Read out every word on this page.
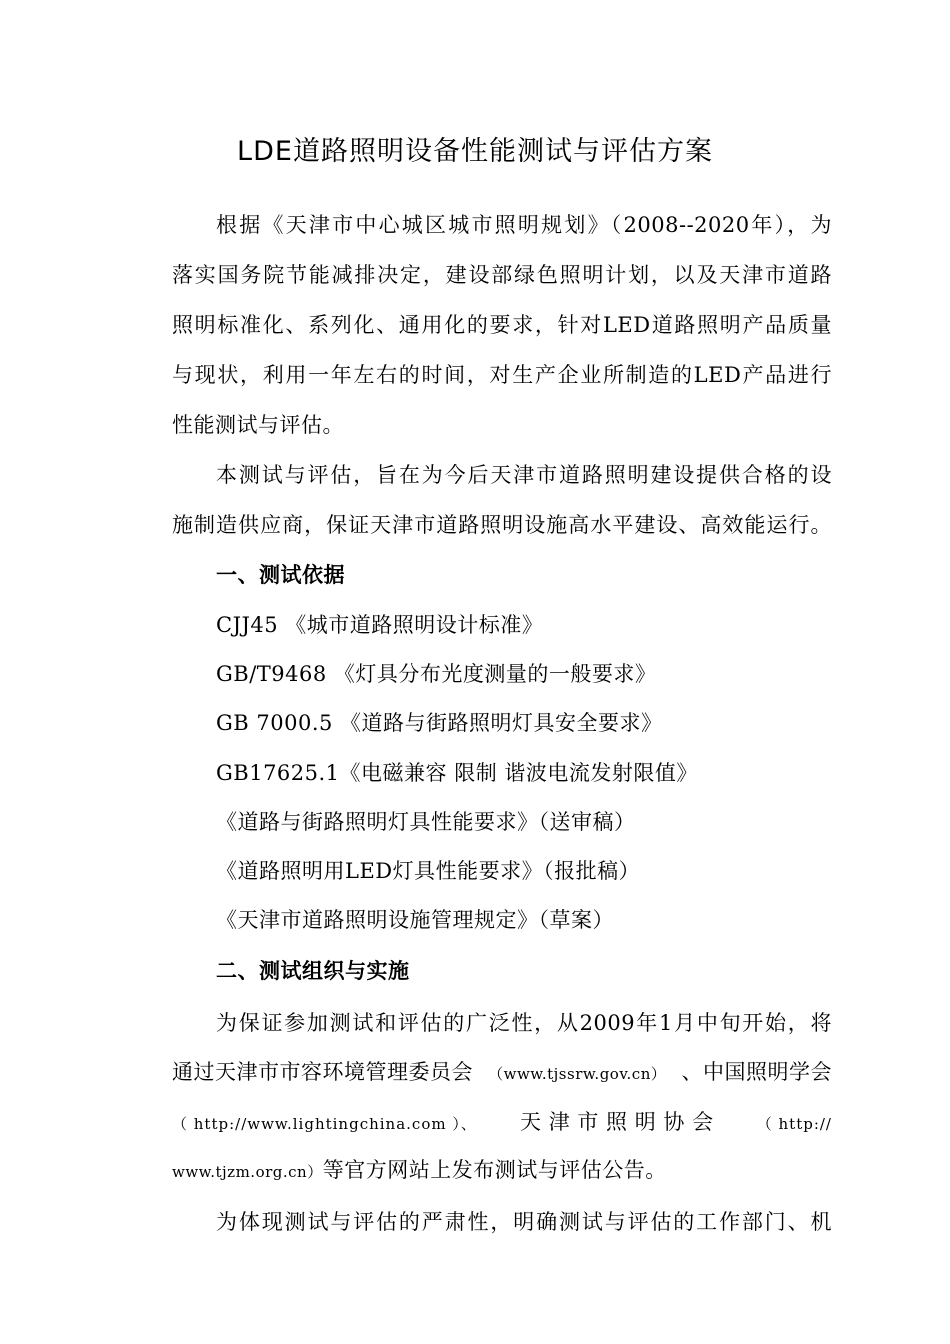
LDE道路照明设备性能测试与评估方案
根据《天津市中心城区城市照明规划》（2008--2020年），为
落实国务院节能减排决定，建设部绿色照明计划，以及天津市道路
照明标准化、系列化、通用化的要求，针对LED道路照明产品质量
与现状，利用一年左右的时间，对生产企业所制造的LED产品进行
性能测试与评估。
本测试与评估，旨在为今后天津市道路照明建设提供合格的设
施制造供应商，保证天津市道路照明设施高水平建设、高效能运行。
一、测试依据
CJJ45 《城市道路照明设计标准》
GB/T9468 《灯具分布光度测量的一般要求》
GB 7000.5 《道路与街路照明灯具安全要求》
GB17625.1《电磁兼容 限制 谐波电流发射限值》
《道路与街路照明灯具性能要求》（送审稿）
《道路照明用LED灯具性能要求》（报批稿）
《天津市道路照明设施管理规定》（草案）
二、测试组织与实施
为保证参加测试和评估的广泛性，从2009年1月中旬开始，将
通过天津市市容环境管理委员会	（www.tjssrw.gov.cn） 、中国照明学会
（ http://www.lightingchina.com ）、 天 津 市 照 明 协 会	（ http://
www.tjzm.org.cn）等官方网站上发布测试与评估公告。
为体现测试与评估的严肃性，明确测试与评估的工作部门、机
